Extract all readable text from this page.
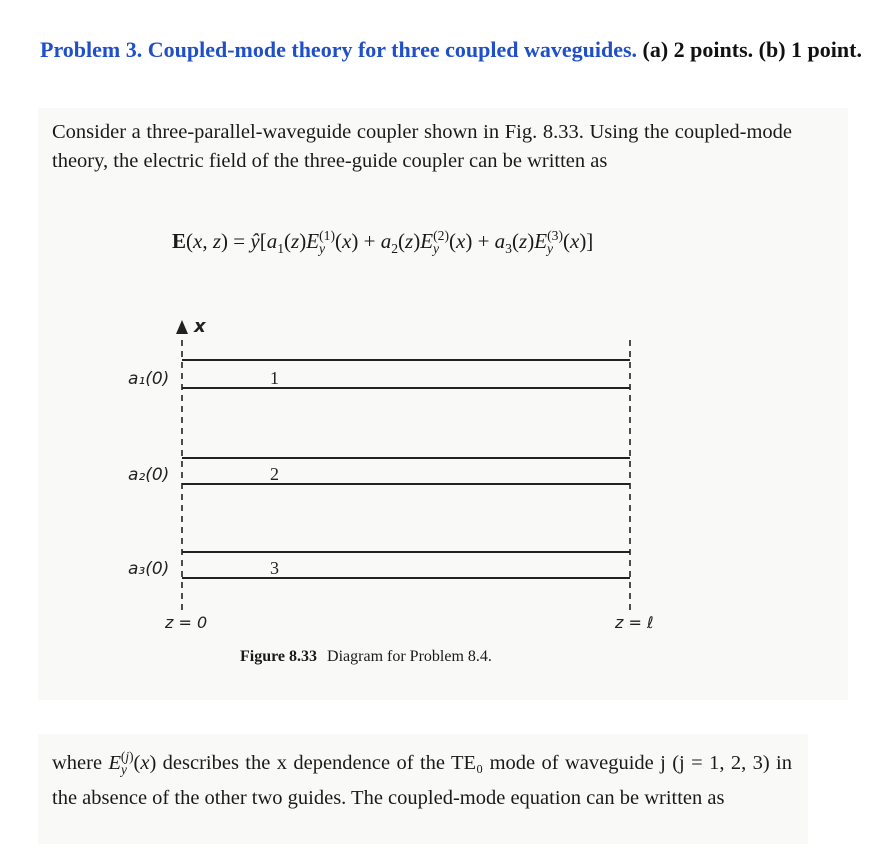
Problem 3. Coupled-mode theory for three coupled waveguides. (a) 2 points. (b) 1 point.
Consider a three-parallel-waveguide coupler shown in Fig. 8.33. Using the coupled-mode theory, the electric field of the three-guide coupler can be written as
E(x, $z) = ŷ[a_1(z)E_y^{(1)}(x) + a_2(z)E_y^{(2)}(x) + a_3(z)E_y^{(3)}(x)]$
x
a₁(0)	1
a₂(0)	2
a₃(0)	3
z = 0	z = ℓ
Figure 8.33 Diagram for Problem 8.4.
where $E_y^{(j)}(x)$ describes the x dependence of the TE₀ mode of waveguide j (j = 1, 2, 3) in the absence of the other two guides. The coupled-mode equation can be written as
